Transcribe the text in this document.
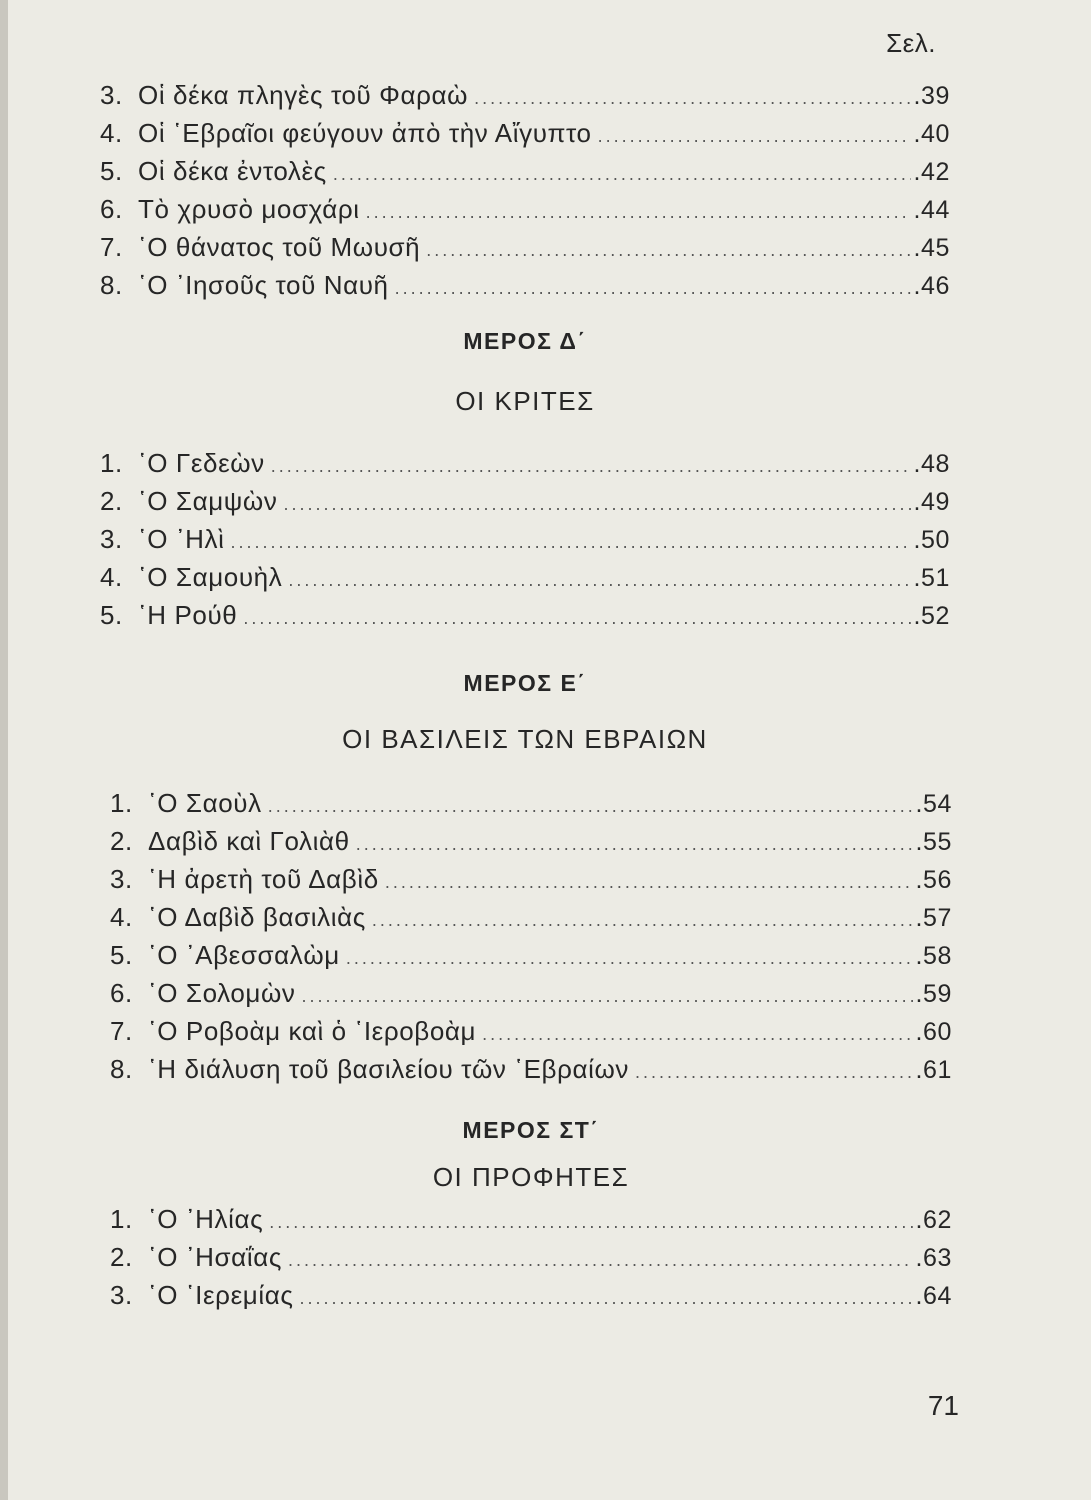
Σελ.
3. Οἱ δέκα πληγὲς τοῦ Φαραὼ .....	.39
4. Οἱ ῾Εβραῖοι φεύγουν ἀπὸ τὴν Αἴγυπτο .....	.40
5. Οἱ δέκα ἐντολὲς .....	.42
6. Τὸ χρυσὸ μοσχάρι .....	.44
7. ῾Ο θάνατος τοῦ Μωυσῆ .....	.45
8. ῾Ο ᾿Ιησοῦς τοῦ Ναυῆ .....	.46
ΜΕΡΟΣ Δ΄
ΟΙ ΚΡΙΤΕΣ
1. ῾Ο Γεδεὼν .....	.48
2. ῾Ο Σαμψὼν .....	.49
3. ῾Ο ᾿Ηλὶ .....	.50
4. ῾Ο Σαμουὴλ .....	.51
5. ῾Η Ρούθ .....	.52
ΜΕΡΟΣ Ε΄
ΟΙ ΒΑΣΙΛΕΙΣ ΤΩΝ ΕΒΡΑΙΩΝ
1. ῾Ο Σαοὺλ .....	.54
2. Δαβὶδ καὶ Γολιὰθ .....	.55
3. ῾Η ἀρετὴ τοῦ Δαβὶδ .....	.56
4. ῾Ο Δαβὶδ βασιλιὰς .....	.57
5. ῾Ο ᾿Αβεσσαλὼμ .....	.58
6. ῾Ο Σολομὼν .....	.59
7. ῾Ο Ροβοὰμ καὶ ὁ ῾Ιεροβοὰμ .....	.60
8. ῾Η διάλυση τοῦ βασιλείου τῶν ῾Εβραίων .....	.61
ΜΕΡΟΣ ΣΤ΄
ΟΙ ΠΡΟΦΗΤΕΣ
1. ῾Ο ᾿Ηλίας .....	.62
2. ῾Ο ᾿Ησαΐας .....	.63
3. ῾Ο ῾Ιερεμίας .....	.64
71
